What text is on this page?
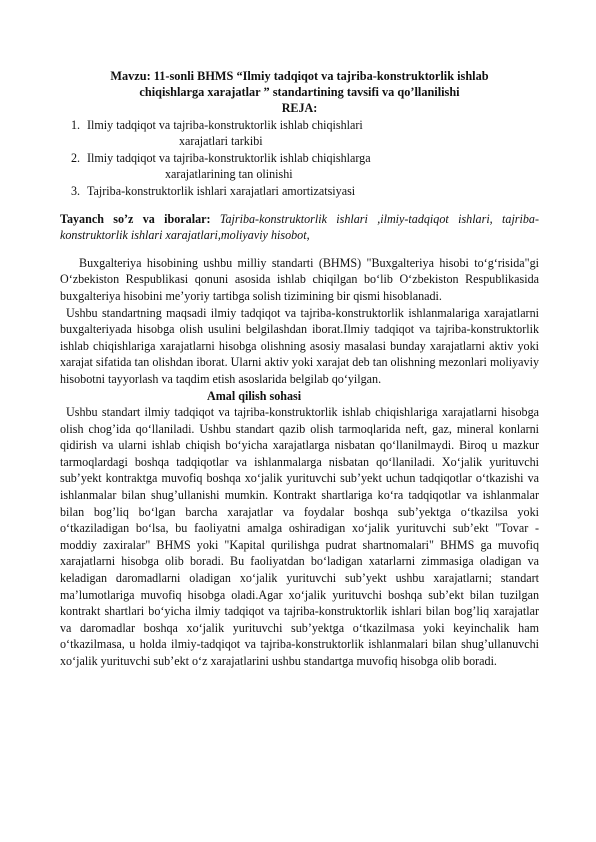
Mavzu: 11-sonli BHMS “Ilmiy tadqiqot va tajriba-konstruktorlik ishlab
chiqishlarga xarajatlar ” standartining tavsifi va qo’llanilishi
REJA:
1. Ilmiy tadqiqot va tajriba-konstruktorlik ishlab chiqishlari
xarajatlari tarkibi
2. Ilmiy tadqiqot va tajriba-konstruktorlik ishlab chiqishlarga
xarajatlarining tan olinishi
3. Tajriba-konstruktorlik ishlari xarajatlari amortizatsiyasi
Tayanch so’z va iboralar: Tajriba-konstruktorlik ishlari ,ilmiy-tadqiqot ishlari, tajriba-konstruktorlik ishlari xarajatlari,moliyaviy hisobot,

Buxgalteriya hisobining ushbu milliy standarti (BHMS) "Buxgalteriya hisobi to‘g‘risida"gi O‘zbekiston Respublikasi qonuni asosida ishlab chiqilgan bo‘lib O‘zbekiston Respublikasida buxgalteriya hisobini me’yoriy tartibga solish tizimining bir qismi hisoblanadi.

Ushbu standartning maqsadi ilmiy tadqiqot va tajriba-konstruktorlik ishlanmalariga xarajatlarni buxgalteriyada hisobga olish usulini belgilashdan iborat.Ilmiy tadqiqot va tajriba-konstruktorlik ishlab chiqishlariga xarajatlarni hisobga olishning asosiy masalasi bunday xarajatlarni aktiv yoki xarajat sifatida tan olishdan iborat. Ularni aktiv yoki xarajat deb tan olishning mezonlari moliyaviy hisobotni tayyorlash va taqdim etish asoslarida belgilab qo‘yilgan.

Amal qilish sohasi

Ushbu standart ilmiy tadqiqot va tajriba-konstruktorlik ishlab chiqishlariga xarajatlarni hisobga olish chog’ida qo‘llaniladi. Ushbu standart qazib olish tarmoqlarida neft, gaz, mineral konlarni qidirish va ularni ishlab chiqish bo‘yicha xarajatlarga nisbatan qo‘llanilmaydi. Biroq u mazkur tarmoqlardagi boshqa tadqiqotlar va ishlanmalarga nisbatan qo‘llaniladi. Xo‘jalik yurituvchi sub’yekt kontraktga muvofiq boshqa xo‘jalik yurituvchi sub’yekt uchun tadqiqotlar o‘tkazishi va ishlanmalar bilan shug’ullanishi mumkin. Kontrakt shartlariga ko‘ra tadqiqotlar va ishlanmalar bilan bog’liq bo‘lgan barcha xarajatlar va foydalar boshqa sub’yektga o‘tkazilsa yoki o‘tkaziladigan bo‘lsa, bu faoliyatni amalga oshiradigan xo‘jalik yurituvchi sub’ekt "Tovar - moddiy zaxiralar" BHMS yoki "Kapital qurilishga pudrat shartnomalari" BHMS ga muvofiq xarajatlarni hisobga olib boradi. Bu faoliyatdan bo‘ladigan xatarlarni zimmasiga oladigan va keladigan daromadlarni oladigan xo‘jalik yurituvchi sub’yekt ushbu xarajatlarni; standart ma’lumotlariga muvofiq hisobga oladi.Agar xo‘jalik yurituvchi boshqa sub’ekt bilan tuzilgan kontrakt shartlari bo‘yicha ilmiy tadqiqot va tajriba-konstruktorlik ishlari bilan bog’liq xarajatlar va daromadlar boshqa xo‘jalik yurituvchi sub’yektga o‘tkazilmasa yoki keyinchalik ham o‘tkazilmasa, u holda ilmiy-tadqiqot va tajriba-konstruktorlik ishlanmalari bilan shug’ullanuvchi xo‘jalik yurituvchi sub’ekt o‘z xarajatlarini ushbu standartga muvofiq hisobga olib boradi.
